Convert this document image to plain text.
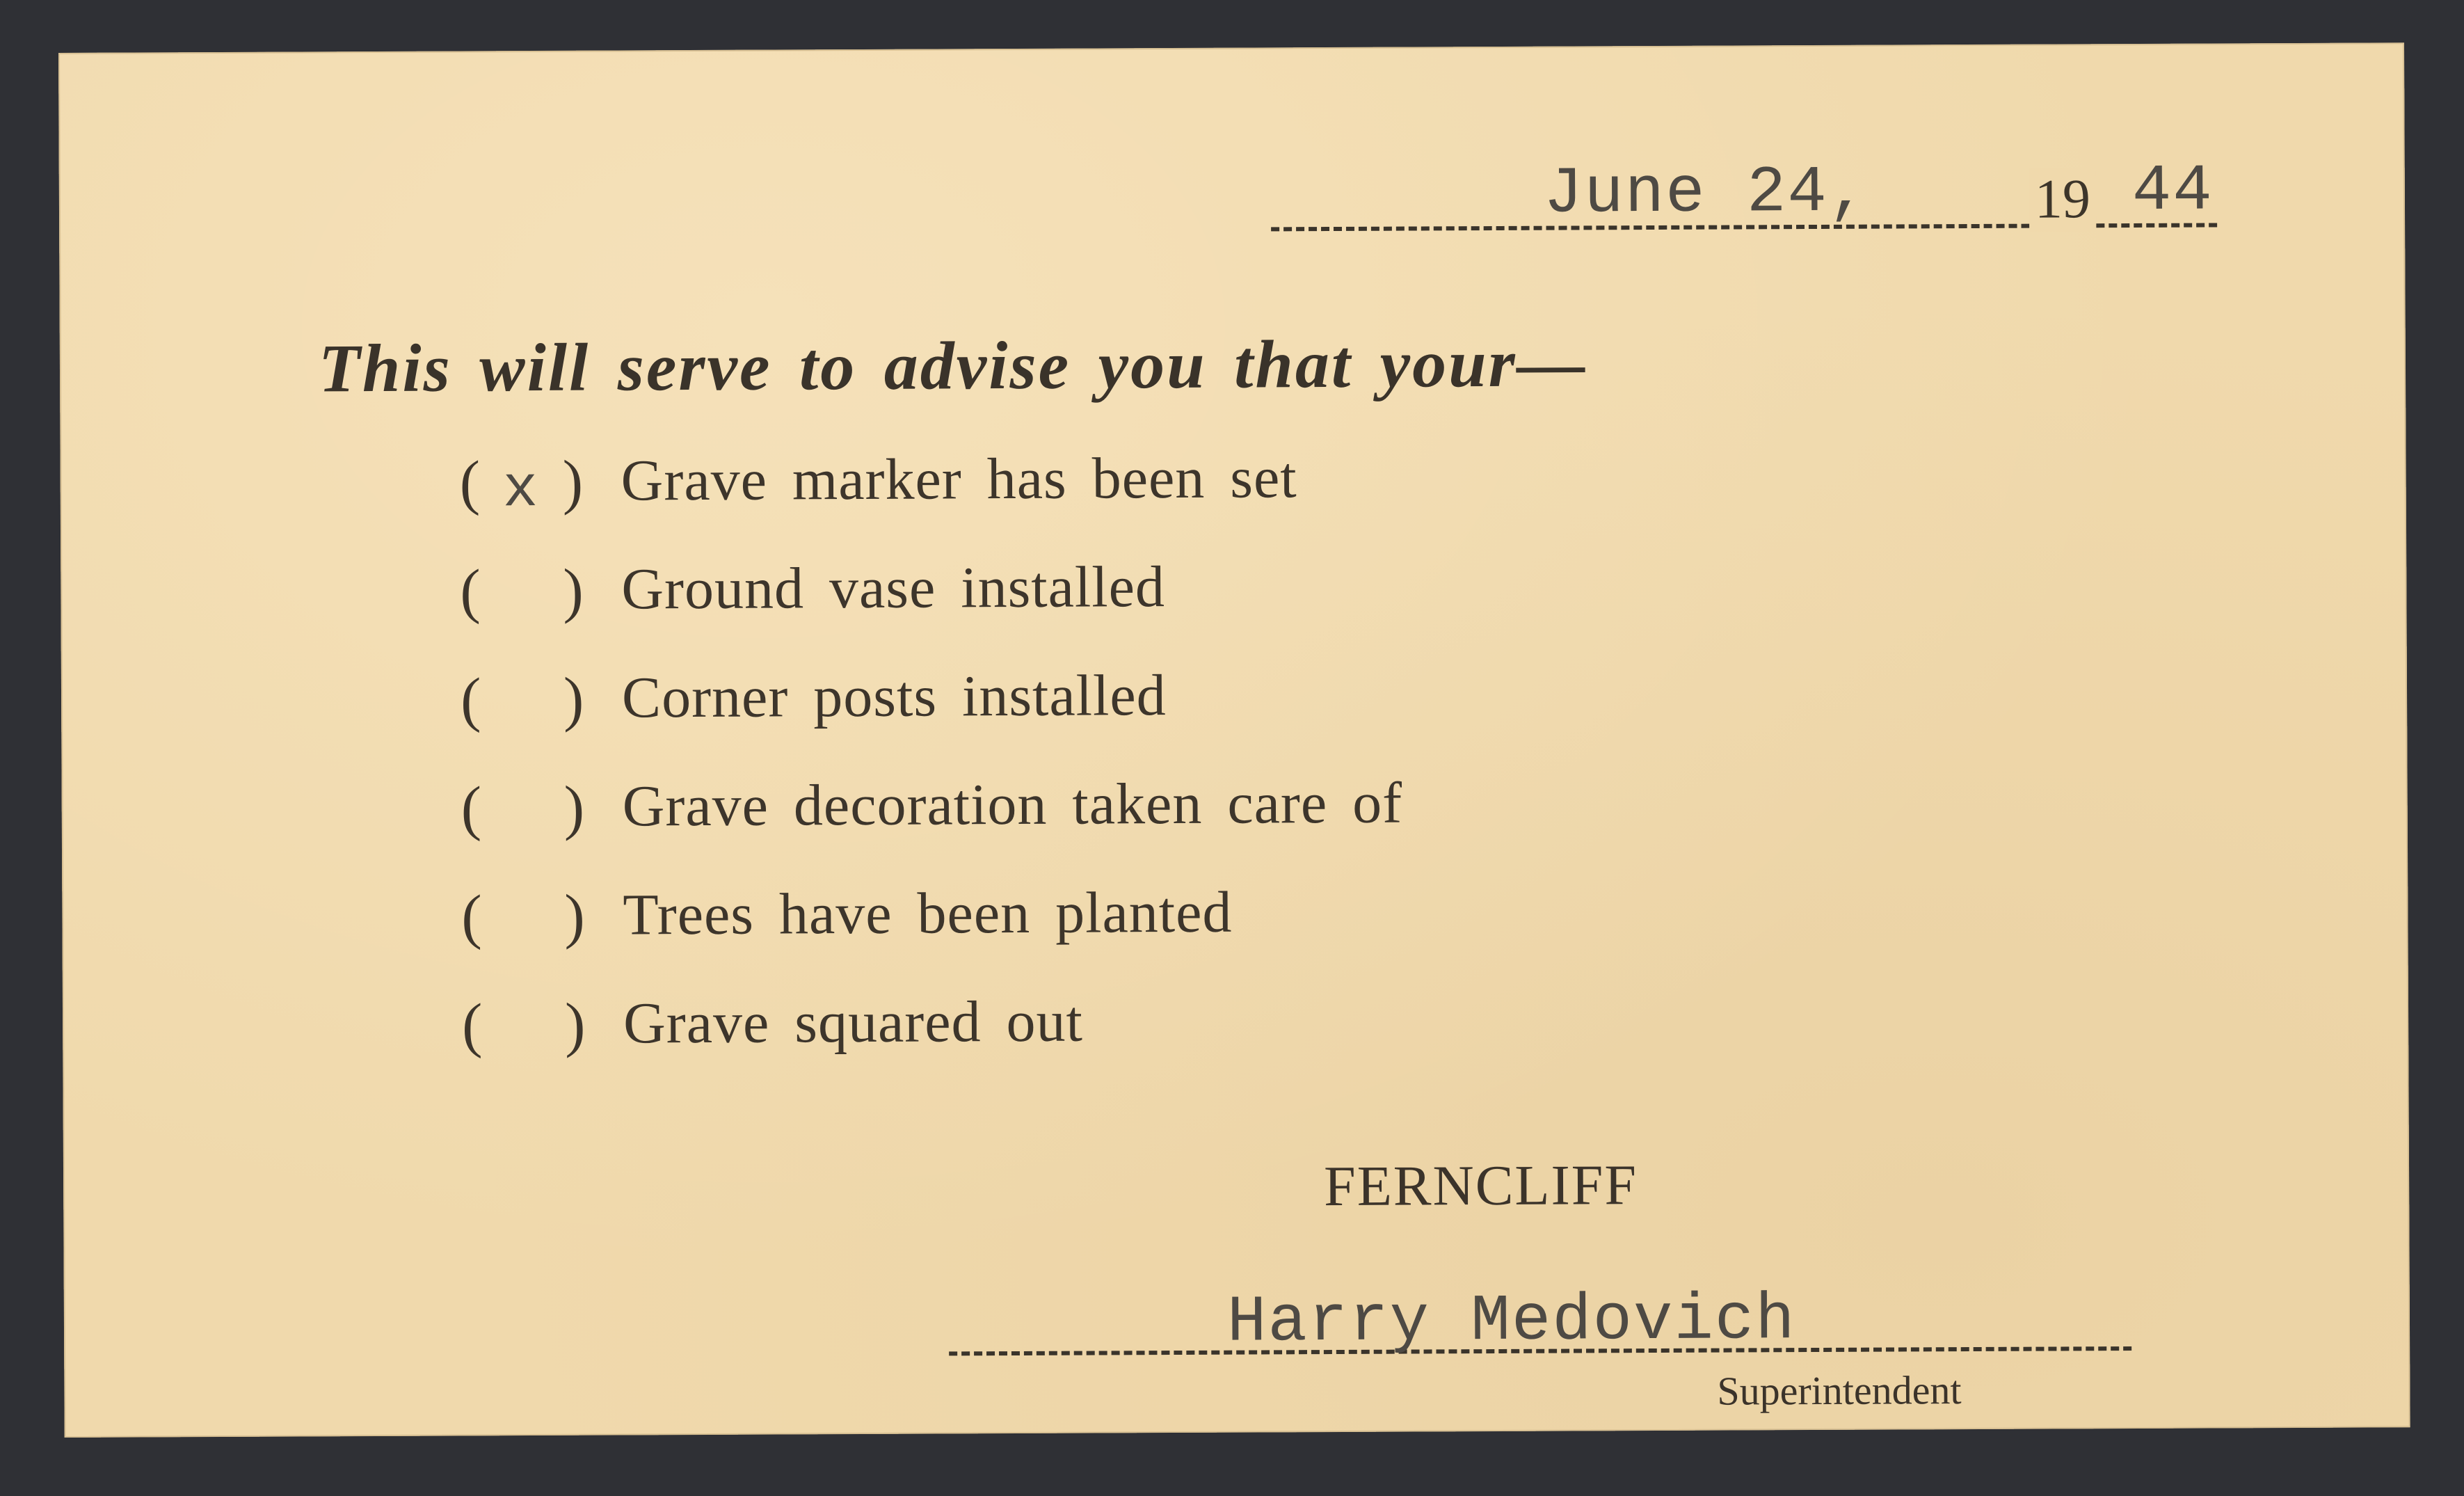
June 24,	19 44
This will serve to advise you that your—
( x ) Grave marker has been set
( ) Ground vase installed
( ) Corner posts installed
( ) Grave decoration taken care of
( ) Trees have been planted
( ) Grave squared out
FERNCLIFF
Harry Medovich
Superintendent
